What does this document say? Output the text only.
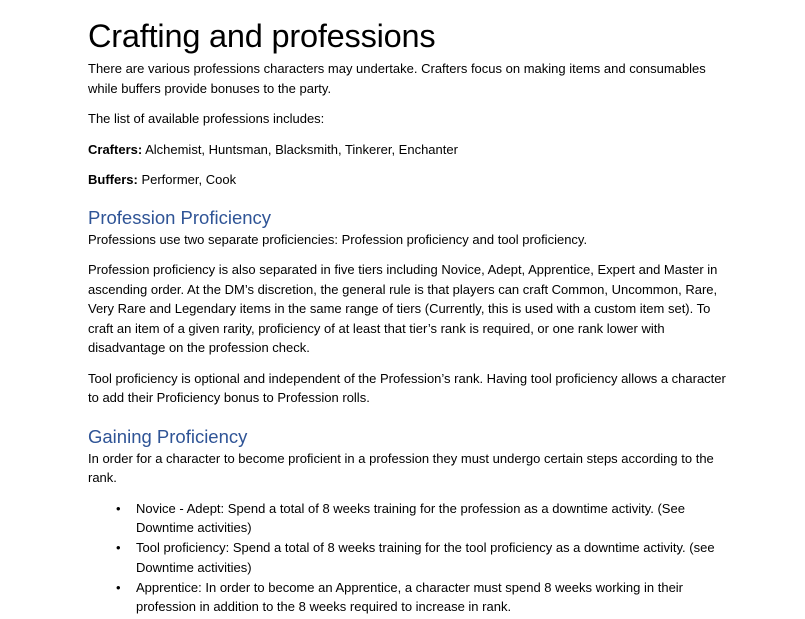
Crafting and professions

There are various professions characters may undertake. Crafters focus on making items and consumables while buffers provide bonuses to the party.

The list of available professions includes:

Crafters: Alchemist, Huntsman, Blacksmith, Tinkerer, Enchanter

Buffers: Performer, Cook

Profession Proficiency

Professions use two separate proficiencies: Profession proficiency and tool proficiency.

Profession proficiency is also separated in five tiers including Novice, Adept, Apprentice, Expert and Master in ascending order. At the DM’s discretion, the general rule is that players can craft Common, Uncommon, Rare, Very Rare and Legendary items in the same range of tiers (Currently, this is used with a custom item set). To craft an item of a given rarity, proficiency of at least that tier’s rank is required, or one rank lower with disadvantage on the profession check.

Tool proficiency is optional and independent of the Profession’s rank. Having tool proficiency allows a character to add their Proficiency bonus to Profession rolls.

Gaining Proficiency

In order for a character to become proficient in a profession they must undergo certain steps according to the rank.

• Novice - Adept: Spend a total of 8 weeks training for the profession as a downtime activity. (See Downtime activities)
• Tool proficiency: Spend a total of 8 weeks training for the tool proficiency as a downtime activity. (see Downtime activities)
• Apprentice: In order to become an Apprentice, a character must spend 8 weeks working in their profession in addition to the 8 weeks required to increase in rank.
